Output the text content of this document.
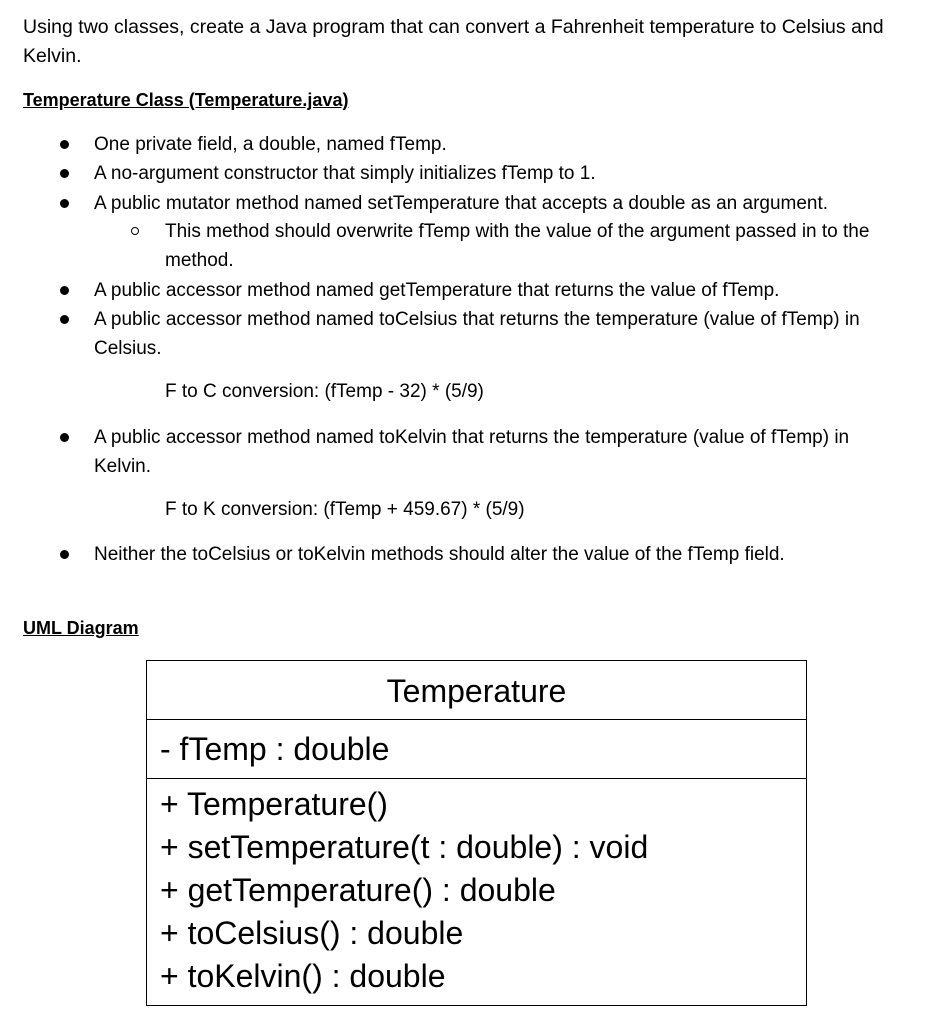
Using two classes, create a Java program that can convert a Fahrenheit temperature to Celsius and Kelvin.

Temperature Class (Temperature.java)

One private field, a double, named fTemp.
A no-argument constructor that simply initializes fTemp to 1.
A public mutator method named setTemperature that accepts a double as an argument.
This method should overwrite fTemp with the value of the argument passed in to the method.
A public accessor method named getTemperature that returns the value of fTemp.
A public accessor method named toCelsius that returns the temperature (value of fTemp) in Celsius.
F to C conversion: (fTemp - 32) * (5/9)
A public accessor method named toKelvin that returns the temperature (value of fTemp) in Kelvin.
F to K conversion: (fTemp + 459.67) * (5/9)
Neither the toCelsius or toKelvin methods should alter the value of the fTemp field.

UML Diagram

Temperature
- fTemp : double
+ Temperature()
+ setTemperature(t : double) : void
+ getTemperature() : double
+ toCelsius() : double
+ toKelvin() : double
